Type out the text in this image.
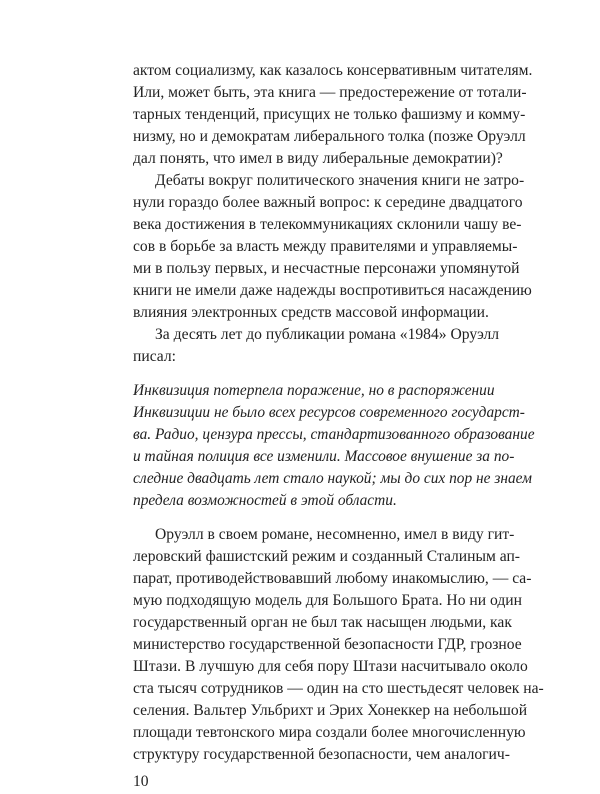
актом социализму, как казалось консервативным читателям.
Или, может быть, эта книга — предостережение от тотали-
тарных тенденций, присущих не только фашизму и комму-
низму, но и демократам либерального толка (позже Оруэлл
дал понять, что имел в виду либеральные демократии)?
Дебаты вокруг политического значения книги не затро-
нули гораздо более важный вопрос: к середине двадцатого
века достижения в телекоммуникациях склонили чашу ве-
сов в борьбе за власть между правителями и управляемы-
ми в пользу первых, и несчастные персонажи упомянутой
книги не имели даже надежды воспротивиться насаждению
влияния электронных средств массовой информации.
За десять лет до публикации романа «1984» Оруэлл
писал:
Инквизиция потерпела поражение, но в распоряжении
Инквизиции не было всех ресурсов современного государст-
ва. Радио, цензура прессы, стандартизованного образование
и тайная полиция все изменили. Массовое внушение за по-
следние двадцать лет стало наукой; мы до сих пор не знаем
предела возможностей в этой области.
Оруэлл в своем романе, несомненно, имел в виду гит-
леровский фашистский режим и созданный Сталиным ап-
парат, противодействовавший любому инакомыслию, — са-
мую подходящую модель для Большого Брата. Но ни один
государственный орган не был так насыщен людьми, как
министерство государственной безопасности ГДР, грозное
Штази. В лучшую для себя пору Штази насчитывало около
ста тысяч сотрудников — один на сто шестьдесят человек на-
селения. Вальтер Ульбрихт и Эрих Хонеккер на небольшой
площади тевтонского мира создали более многочисленную
структуру государственной безопасности, чем аналогич-
10
